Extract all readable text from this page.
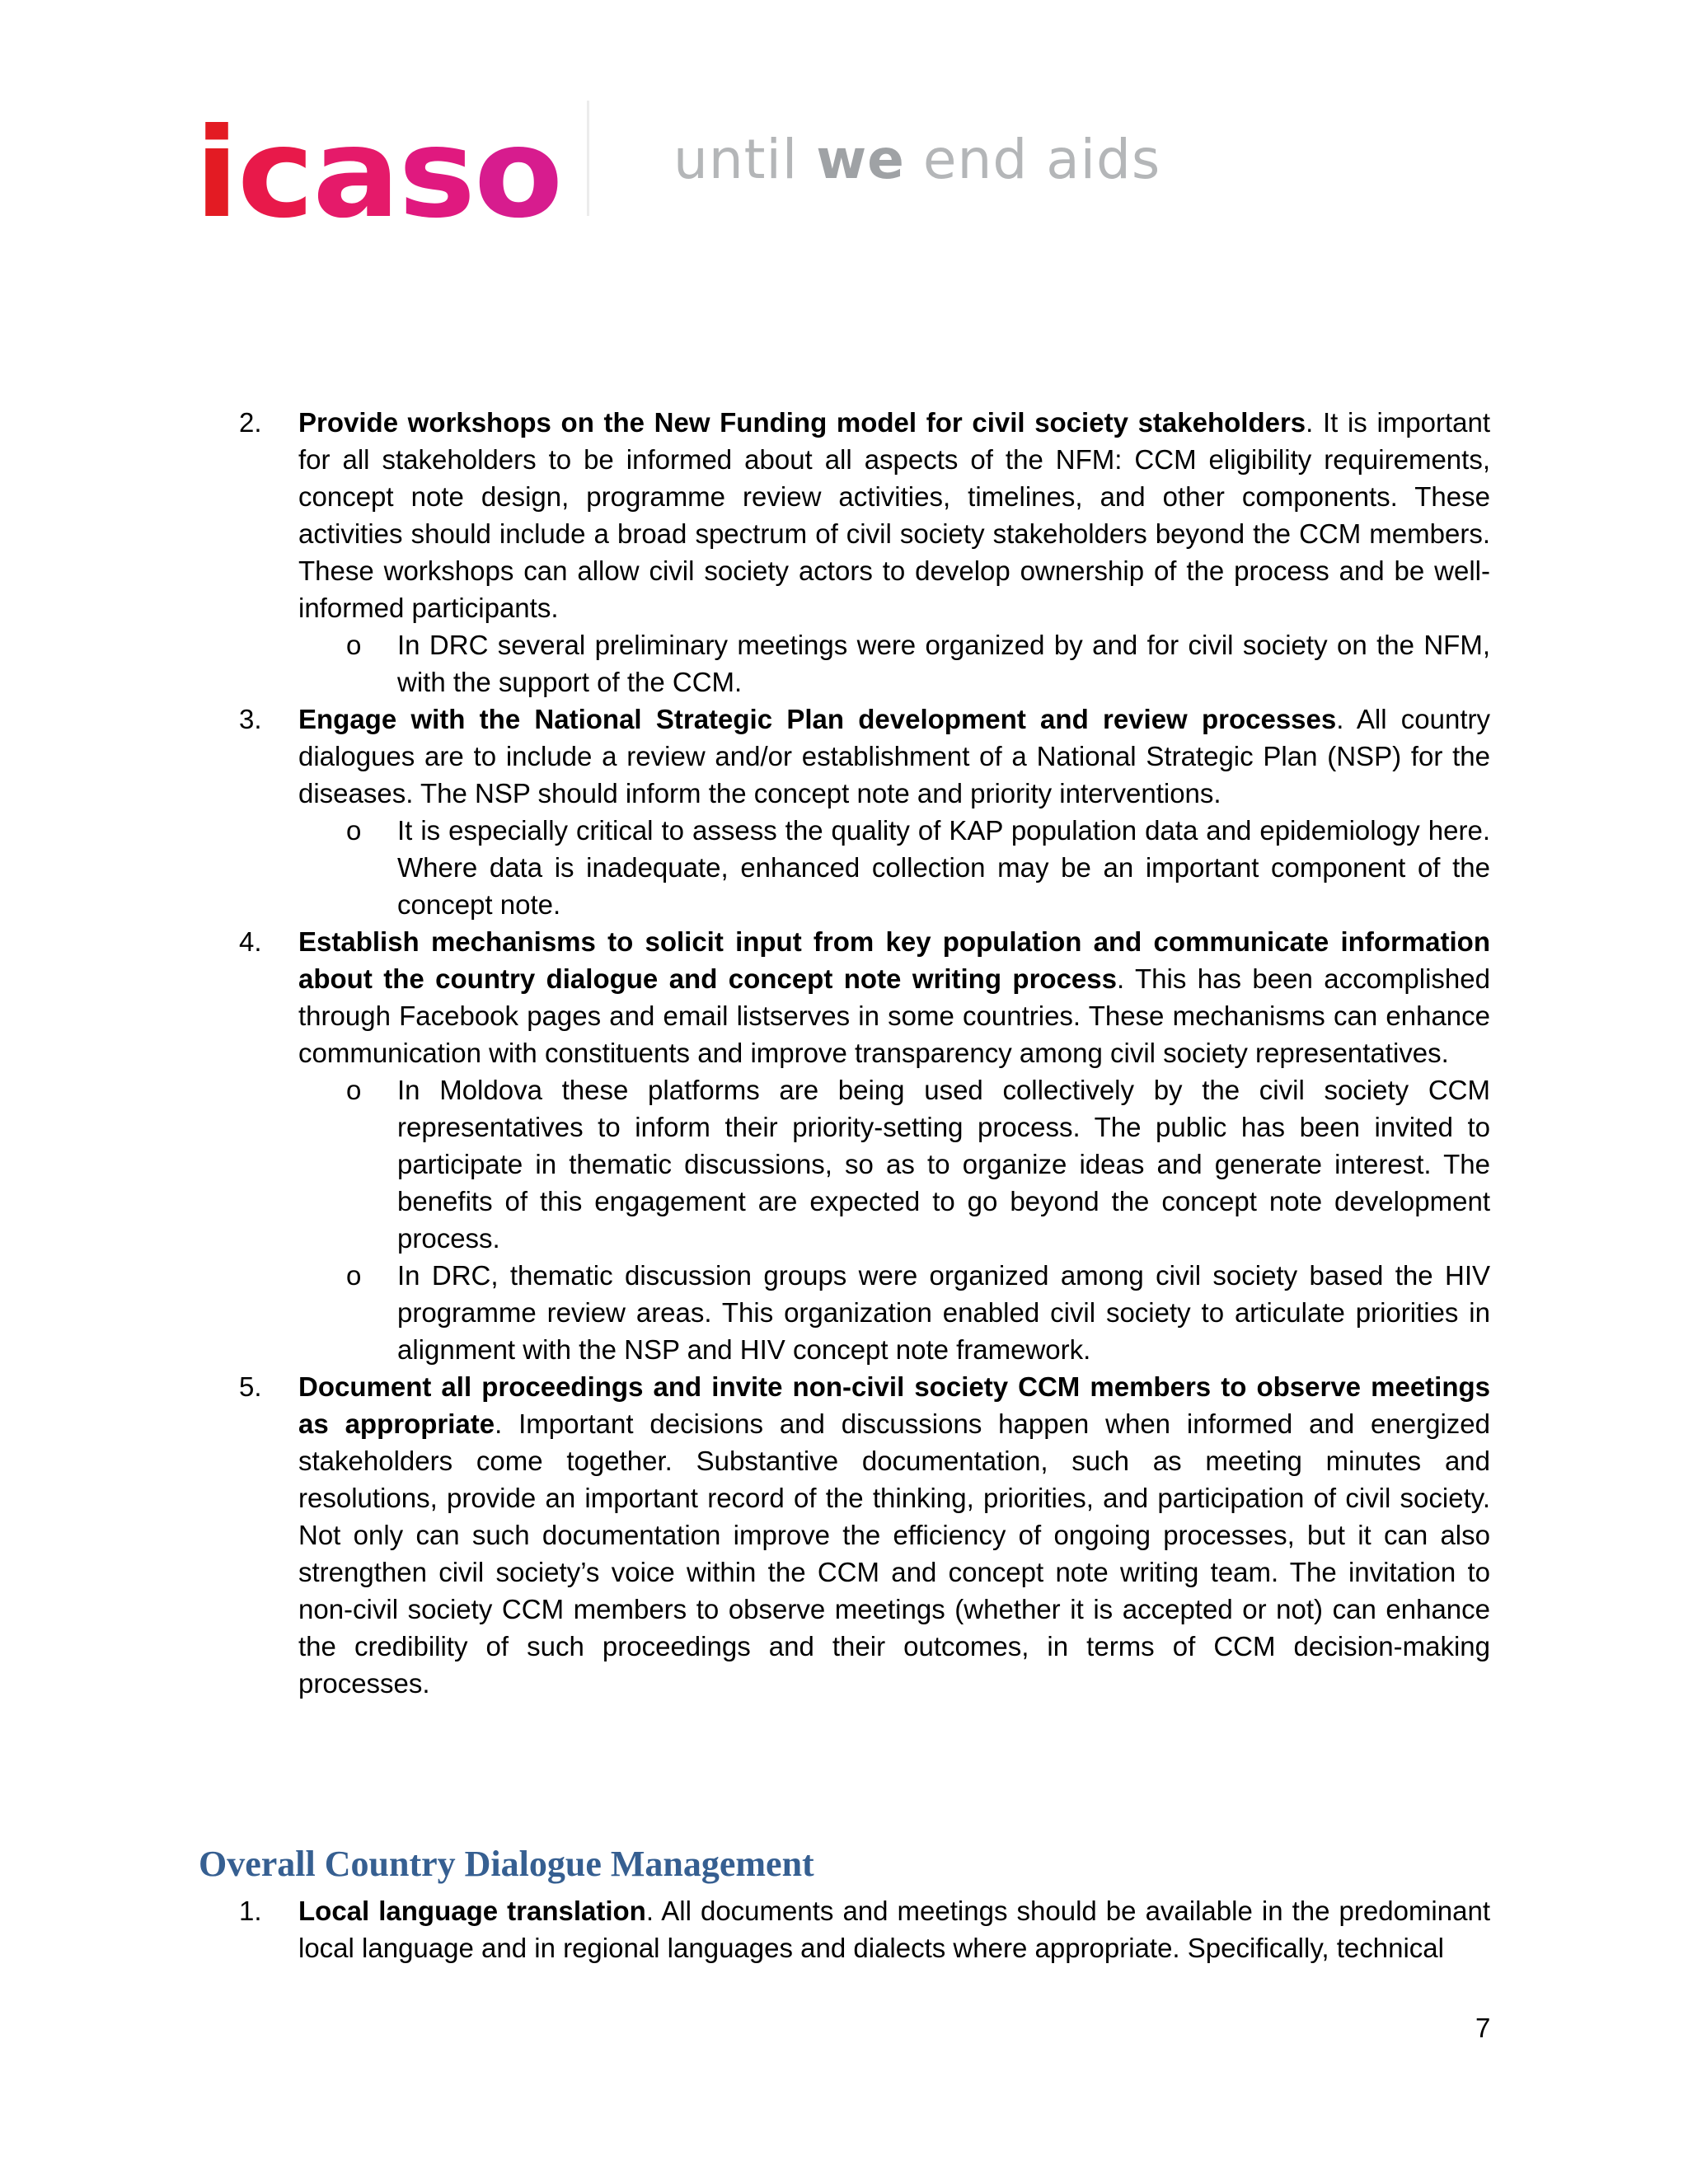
icaso until we end aids
2. Provide workshops on the New Funding model for civil society stakeholders. It is important for all stakeholders to be informed about all aspects of the NFM: CCM eligibility requirements, concept note design, programme review activities, timelines, and other components. These activities should include a broad spectrum of civil society stakeholders beyond the CCM members. These workshops can allow civil society actors to develop ownership of the process and be well-informed participants.
o In DRC several preliminary meetings were organized by and for civil society on the NFM, with the support of the CCM.
3. Engage with the National Strategic Plan development and review processes. All country dialogues are to include a review and/or establishment of a National Strategic Plan (NSP) for the diseases. The NSP should inform the concept note and priority interventions.
o It is especially critical to assess the quality of KAP population data and epidemiology here. Where data is inadequate, enhanced collection may be an important component of the concept note.
4. Establish mechanisms to solicit input from key population and communicate information about the country dialogue and concept note writing process. This has been accomplished through Facebook pages and email listserves in some countries. These mechanisms can enhance communication with constituents and improve transparency among civil society representatives.
o In Moldova these platforms are being used collectively by the civil society CCM representatives to inform their priority-setting process. The public has been invited to participate in thematic discussions, so as to organize ideas and generate interest. The benefits of this engagement are expected to go beyond the concept note development process.
o In DRC, thematic discussion groups were organized among civil society based the HIV programme review areas. This organization enabled civil society to articulate priorities in alignment with the NSP and HIV concept note framework.
5. Document all proceedings and invite non-civil society CCM members to observe meetings as appropriate. Important decisions and discussions happen when informed and energized stakeholders come together. Substantive documentation, such as meeting minutes and resolutions, provide an important record of the thinking, priorities, and participation of civil society. Not only can such documentation improve the efficiency of ongoing processes, but it can also strengthen civil society’s voice within the CCM and concept note writing team. The invitation to non-civil society CCM members to observe meetings (whether it is accepted or not) can enhance the credibility of such proceedings and their outcomes, in terms of CCM decision-making processes.
Overall Country Dialogue Management
1. Local language translation. All documents and meetings should be available in the predominant local language and in regional languages and dialects where appropriate. Specifically, technical
7
